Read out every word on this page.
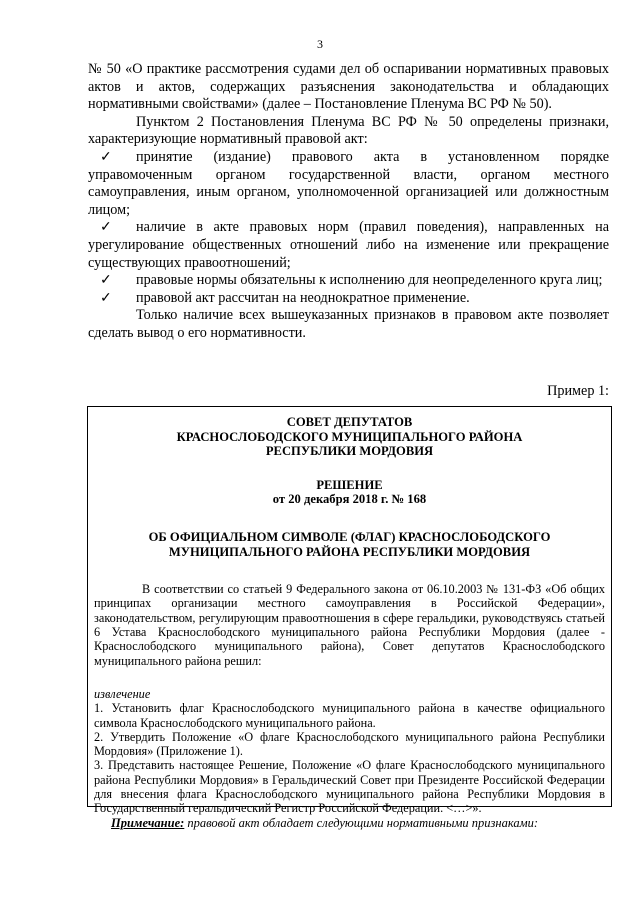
3

№ 50 «О практике рассмотрения судами дел об оспаривании нормативных правовых актов и актов, содержащих разъяснения законодательства и обладающих нормативными свойствами» (далее – Постановление Пленума ВС РФ № 50).

Пунктом 2 Постановления Пленума ВС РФ № 50 определены признаки, характеризующие нормативный правовой акт:

✓ принятие (издание) правового акта в установленном порядке управомоченным органом государственной власти, органом местного самоуправления, иным органом, уполномоченной организацией или должностным лицом;

✓ наличие в акте правовых норм (правил поведения), направленных на урегулирование общественных отношений либо на изменение или прекращение существующих правоотношений;

✓ правовые нормы обязательны к исполнению для неопределенного круга лиц;

✓ правовой акт рассчитан на неоднократное применение.

Только наличие всех вышеуказанных признаков в правовом акте позволяет сделать вывод о его нормативности.

Пример 1:

СОВЕТ ДЕПУТАТОВ

КРАСНОСЛОБОДСКОГО МУНИЦИПАЛЬНОГО РАЙОНА

РЕСПУБЛИКИ МОРДОВИЯ

РЕШЕНИЕ

от 20 декабря 2018 г. № 168

ОБ ОФИЦИАЛЬНОМ СИМВОЛЕ (ФЛАГ) КРАСНОСЛОБОДСКОГО

МУНИЦИПАЛЬНОГО РАЙОНА РЕСПУБЛИКИ МОРДОВИЯ

В соответствии со статьей 9 Федерального закона от 06.10.2003 № 131-ФЗ «Об общих принципах организации местного самоуправления в Российской Федерации», законодательством, регулирующим правоотношения в сфере геральдики, руководствуясь статьей 6 Устава Краснослободского муниципального района Республики Мордовия (далее - Краснослободского муниципального района), Совет депутатов Краснослободского муниципального района решил:

извлечение

1. Установить флаг Краснослободского муниципального района в качестве официального символа Краснослободского муниципального района.

2. Утвердить Положение «О флаге Краснослободского муниципального района Республики Мордовия» (Приложение 1).

3. Представить настоящее Решение, Положение «О флаге Краснослободского муниципального района Республики Мордовия» в Геральдический Совет при Президенте Российской Федерации для внесения флага Краснослободского муниципального района Республики Мордовия в Государственный геральдический Регистр Российской Федерации. <…>».

Примечание: правовой акт обладает следующими нормативными признаками:
